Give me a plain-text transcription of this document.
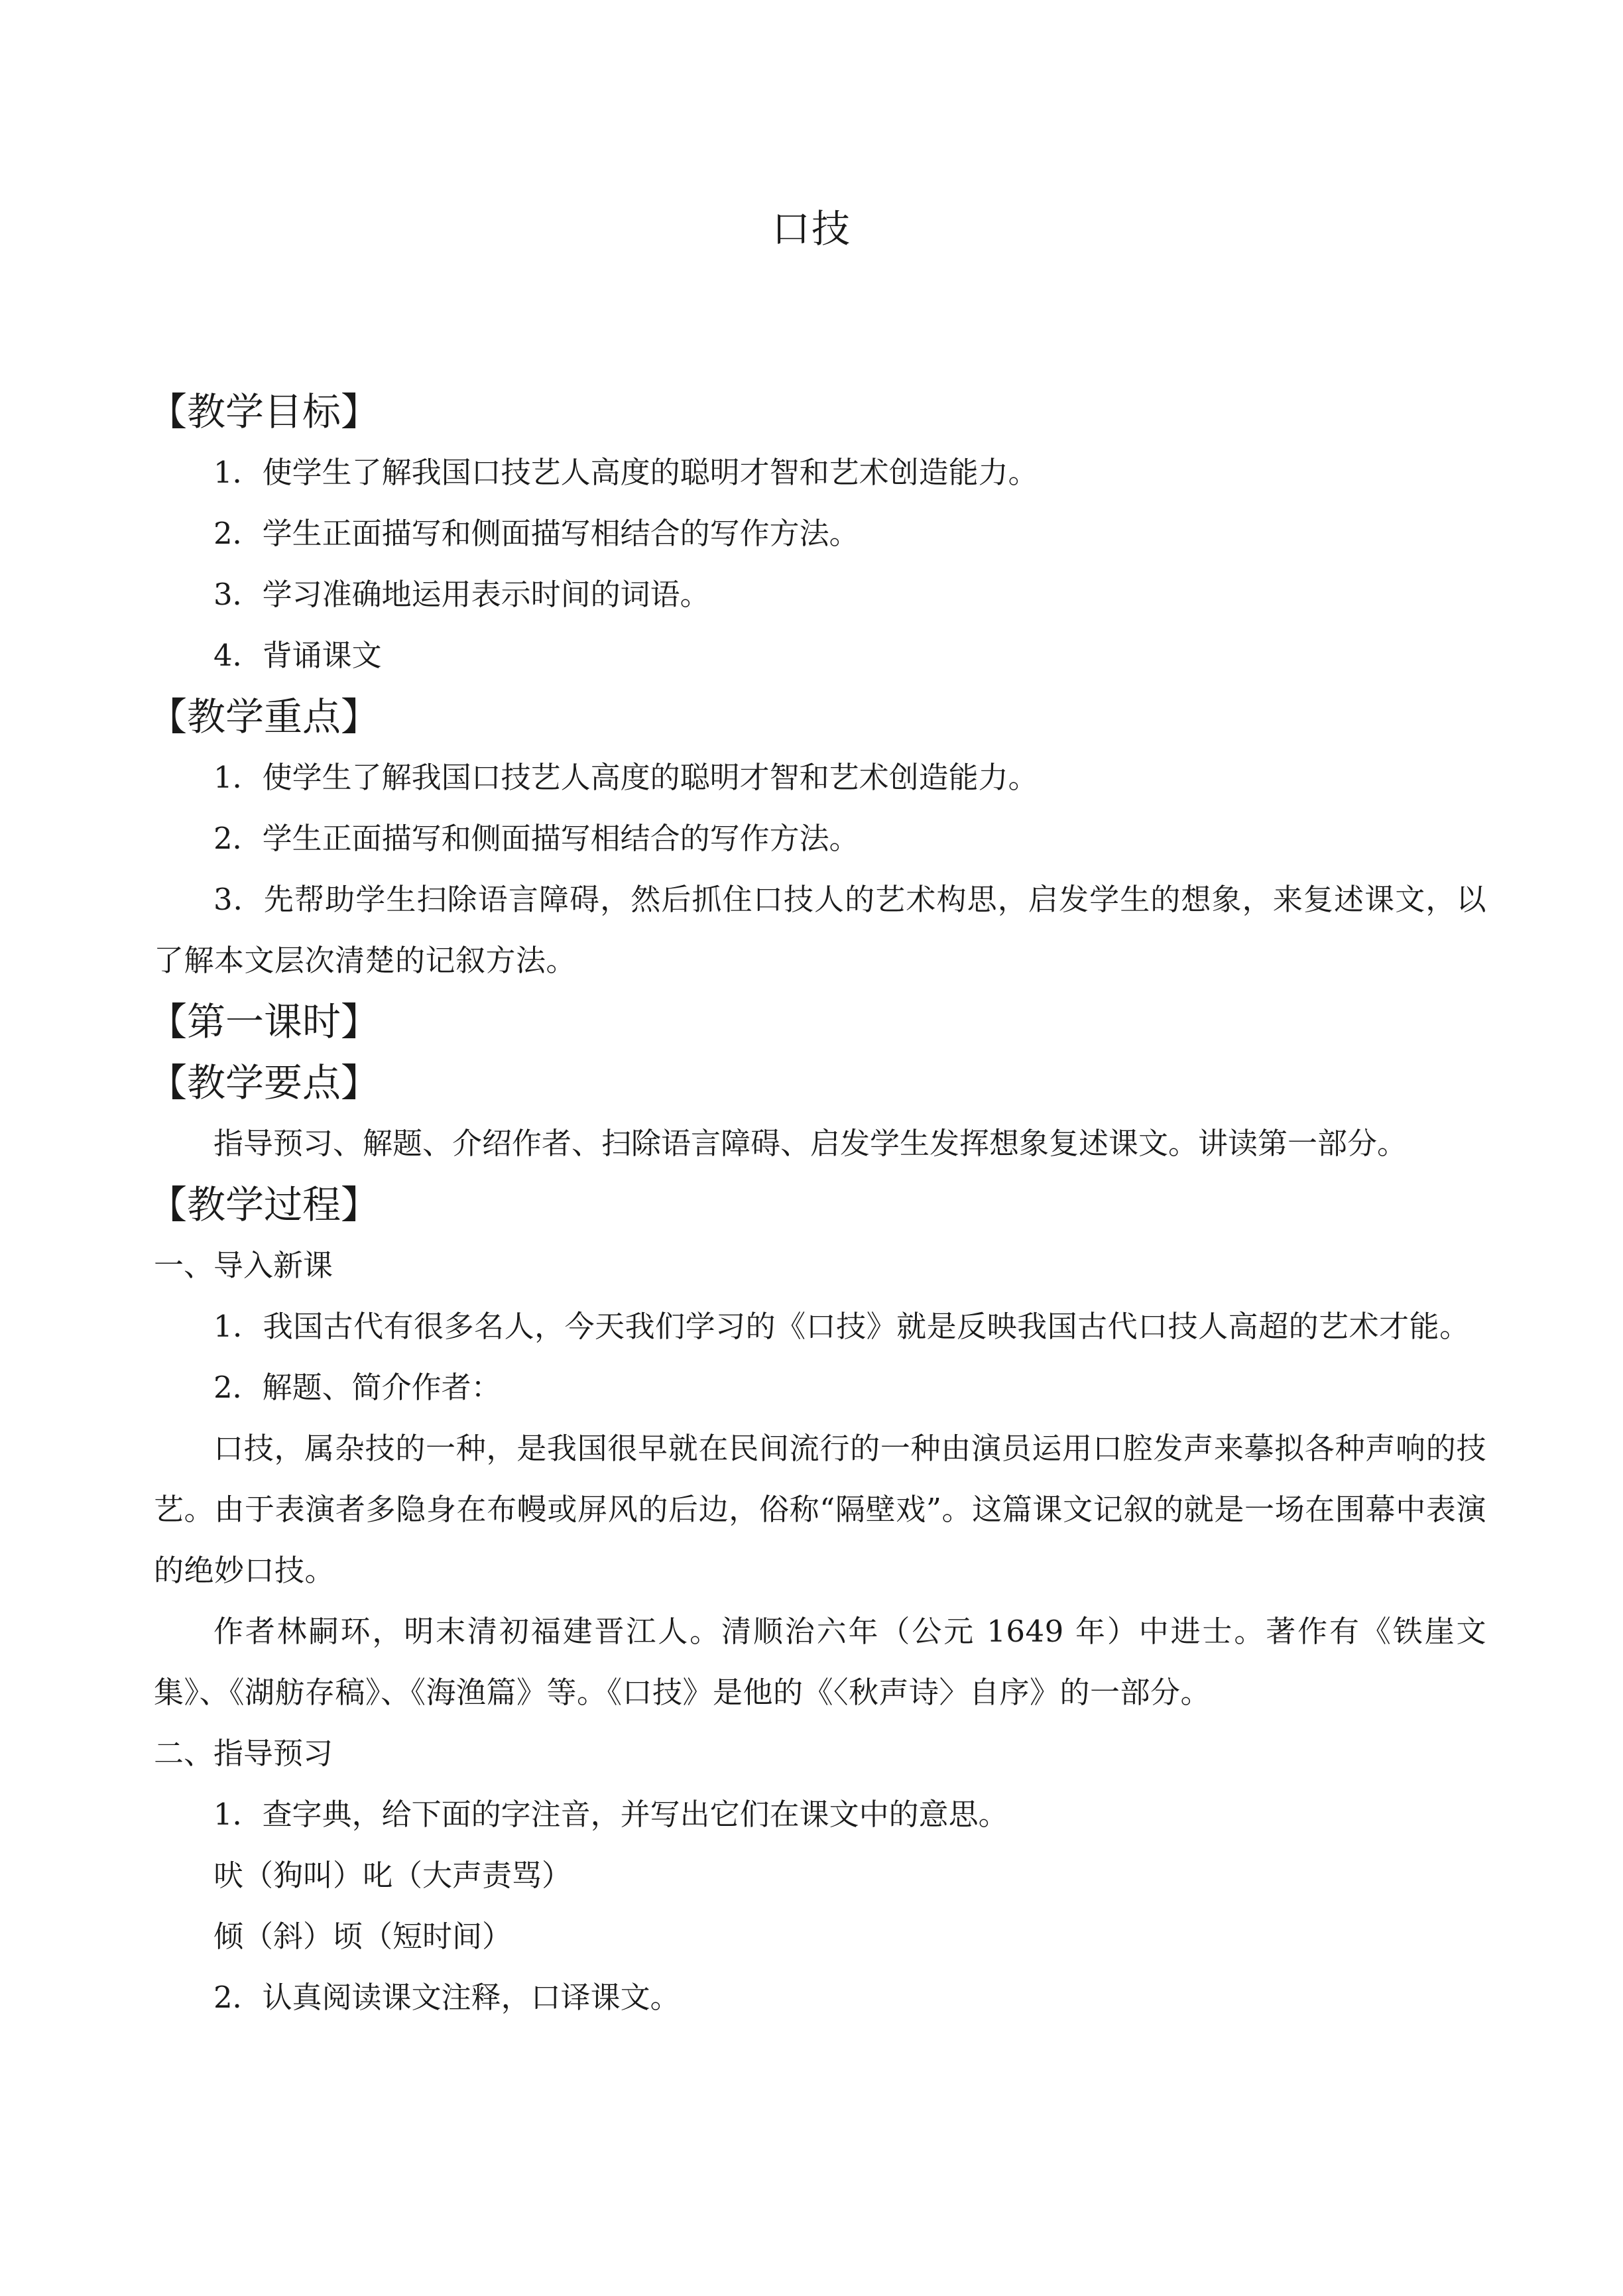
口技
【教学目标】
1．使学生了解我国口技艺人高度的聪明才智和艺术创造能力。
2．学生正面描写和侧面描写相结合的写作方法。
3．学习准确地运用表示时间的词语。
4．背诵课文
【教学重点】
1．使学生了解我国口技艺人高度的聪明才智和艺术创造能力。
2．学生正面描写和侧面描写相结合的写作方法。
3．先帮助学生扫除语言障碍，然后抓住口技人的艺术构思，启发学生的想象，来复述课文，以了解本文层次清楚的记叙方法。
【第一课时】
【教学要点】
指导预习、解题、介绍作者、扫除语言障碍、启发学生发挥想象复述课文。讲读第一部分。
【教学过程】
一、导入新课
1．我国古代有很多名人，今天我们学习的《口技》就是反映我国古代口技人高超的艺术才能。
2．解题、简介作者：
口技，属杂技的一种，是我国很早就在民间流行的一种由演员运用口腔发声来摹拟各种声响的技艺。由于表演者多隐身在布幔或屏风的后边，俗称“隔壁戏”。这篇课文记叙的就是一场在围幕中表演的绝妙口技。
作者林嗣环，明末清初福建晋江人。清顺治六年（公元 1649 年）中进士。著作有《铁崖文集》、《湖舫存稿》、《海渔篇》等。《口技》是他的《〈秋声诗〉自序》的一部分。
二、指导预习
1．查字典，给下面的字注音，并写出它们在课文中的意思。
吠（狗叫）叱（大声责骂）
倾（斜）顷（短时间）
2．认真阅读课文注释，口译课文。
